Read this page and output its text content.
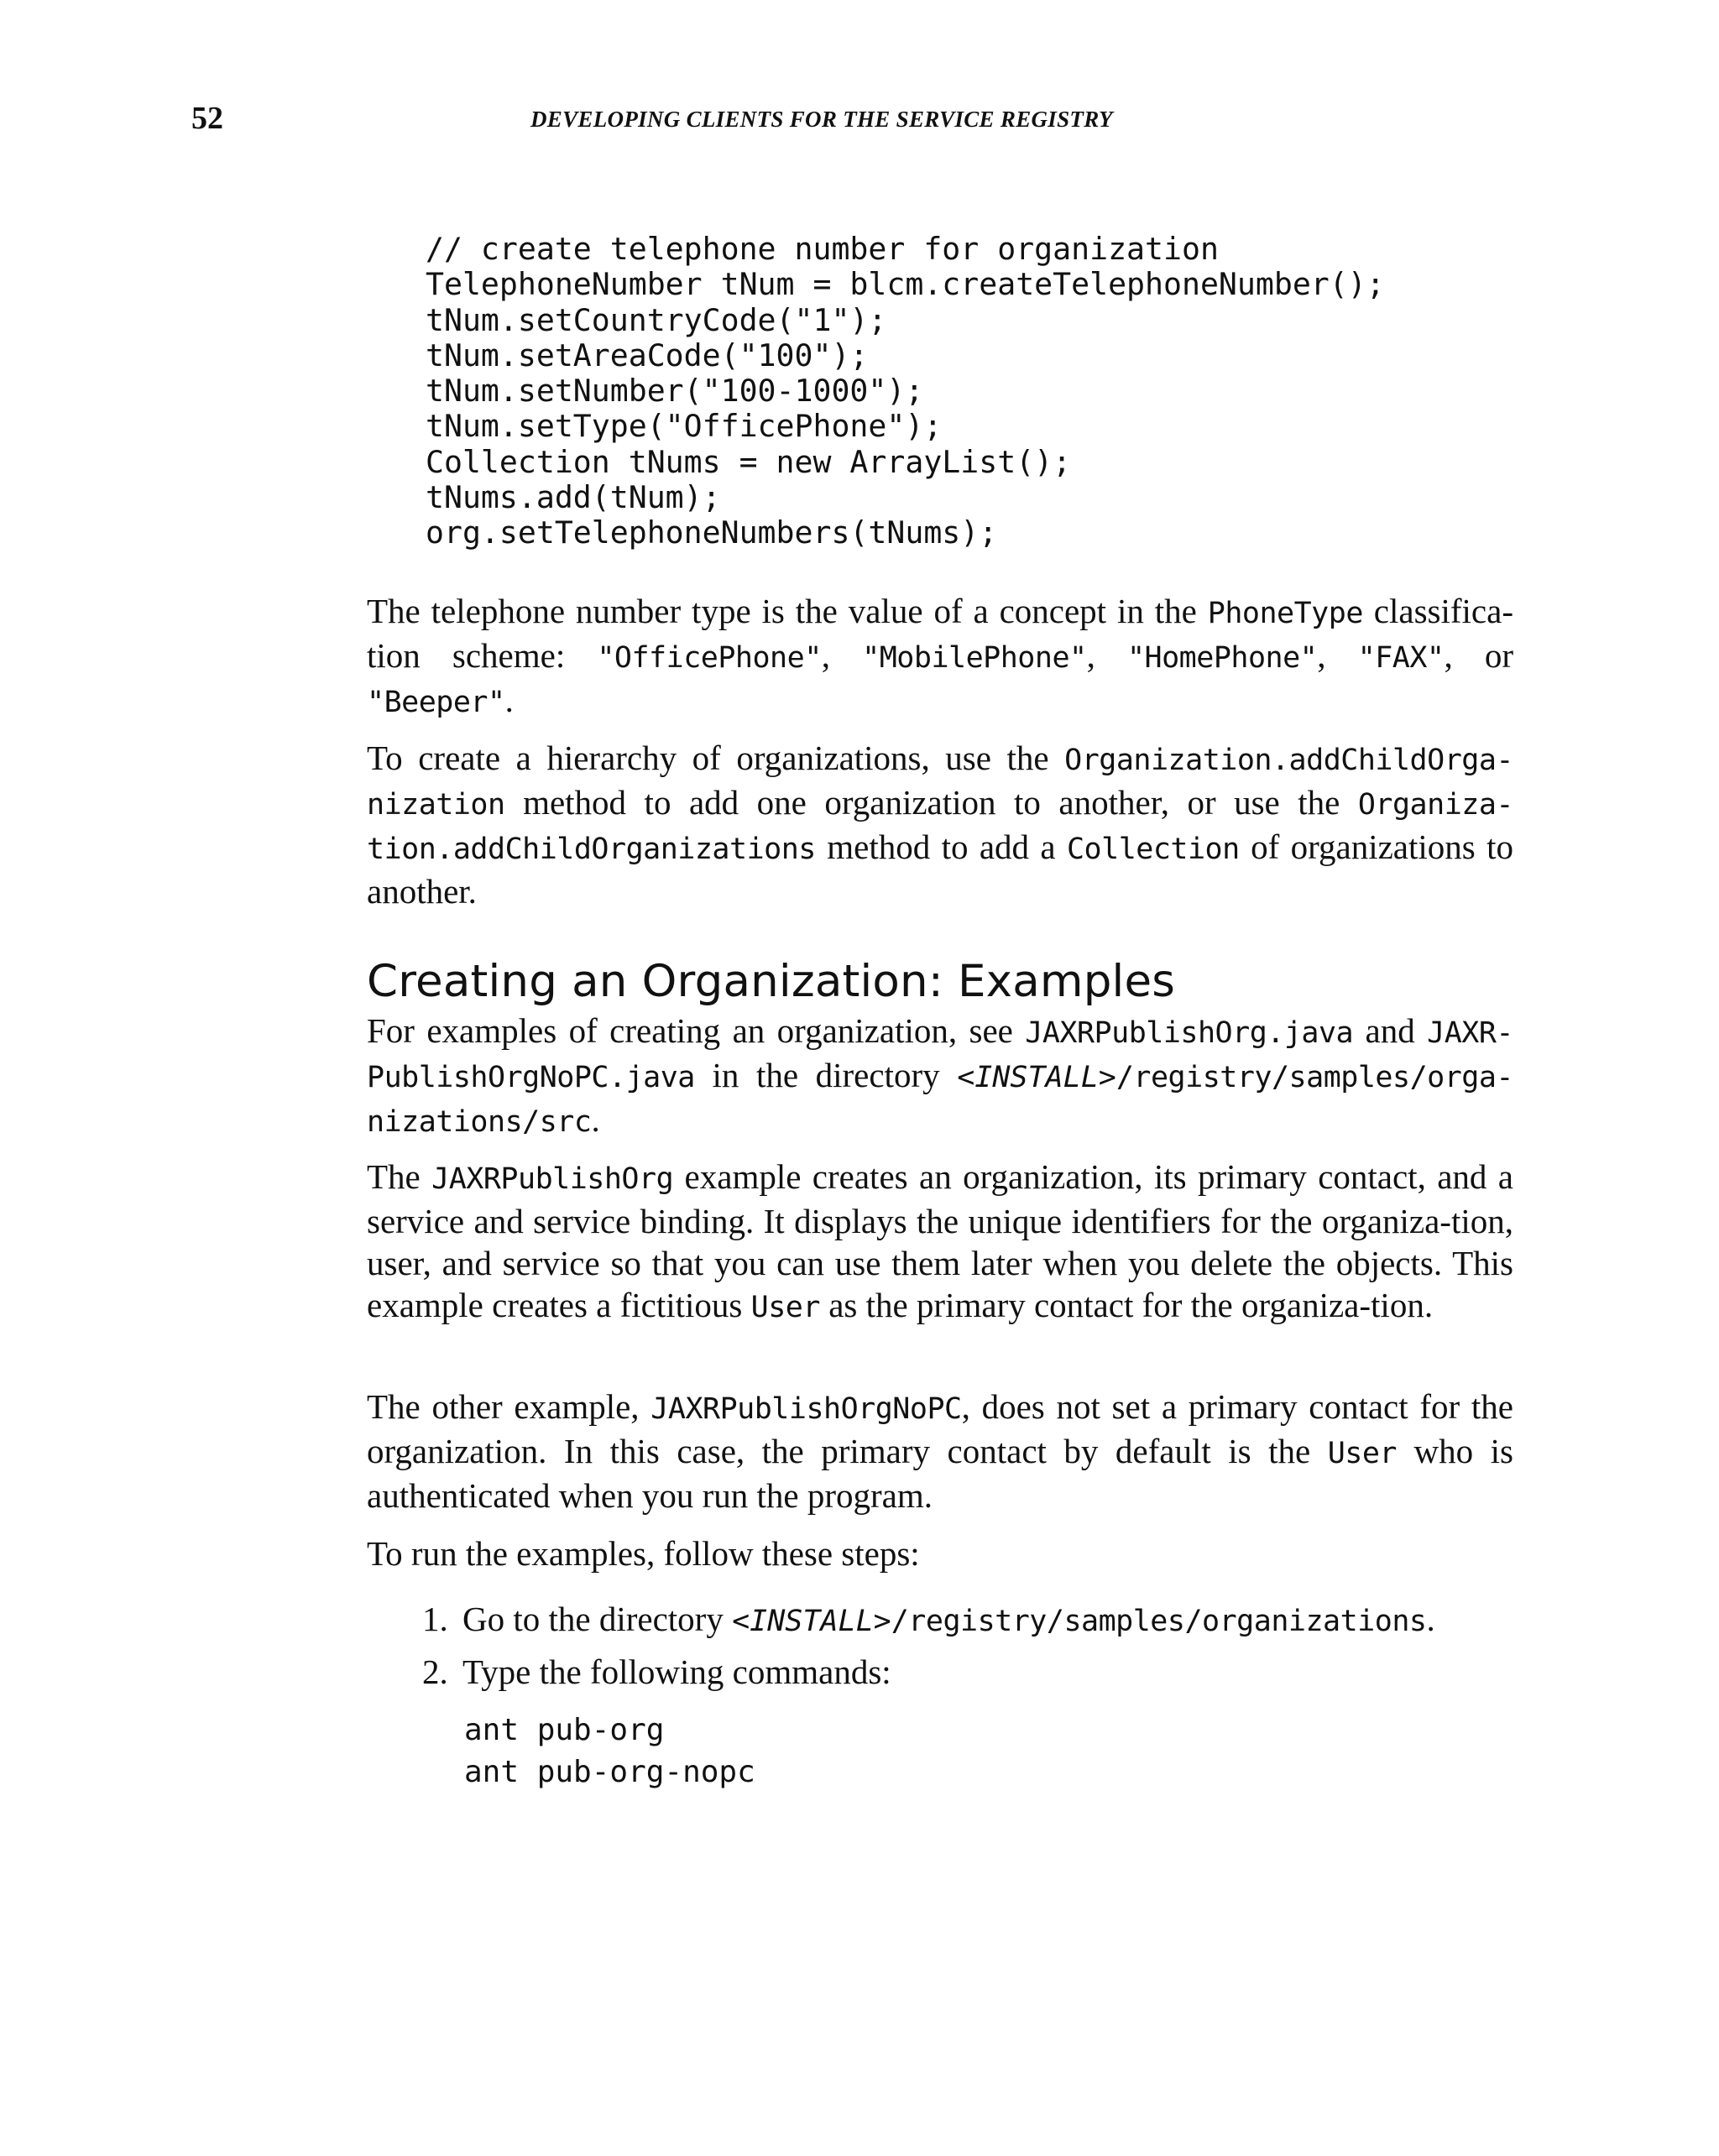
52	DEVELOPING CLIENTS FOR THE SERVICE REGISTRY
// create telephone number for organization
TelephoneNumber tNum = blcm.createTelephoneNumber();
tNum.setCountryCode("1");
tNum.setAreaCode("100");
tNum.setNumber("100-1000");
tNum.setType("OfficePhone");
Collection tNums = new ArrayList();
tNums.add(tNum);
org.setTelephoneNumbers(tNums);

The telephone number type is the value of a concept in the PhoneType classifica-tion scheme: "OfficePhone", "MobilePhone", "HomePhone", "FAX", or "Beeper".

To create a hierarchy of organizations, use the Organization.addChildOrga-nization method to add one organization to another, or use the Organiza-tion.addChildOrganizations method to add a Collection of organizations to another.

Creating an Organization: Examples

For examples of creating an organization, see JAXRPublishOrg.java and JAXR-PublishOrgNoPC.java in the directory <INSTALL>/registry/samples/orga-nizations/src.

The JAXRPublishOrg example creates an organization, its primary contact, and a service and service binding. It displays the unique identifiers for the organiza-tion, user, and service so that you can use them later when you delete the objects. This example creates a fictitious User as the primary contact for the organiza-tion.

The other example, JAXRPublishOrgNoPC, does not set a primary contact for the organization. In this case, the primary contact by default is the User who is authenticated when you run the program.

To run the examples, follow these steps:

1. Go to the directory <INSTALL>/registry/samples/organizations.

2. Type the following commands:

ant pub-org
ant pub-org-nopc
